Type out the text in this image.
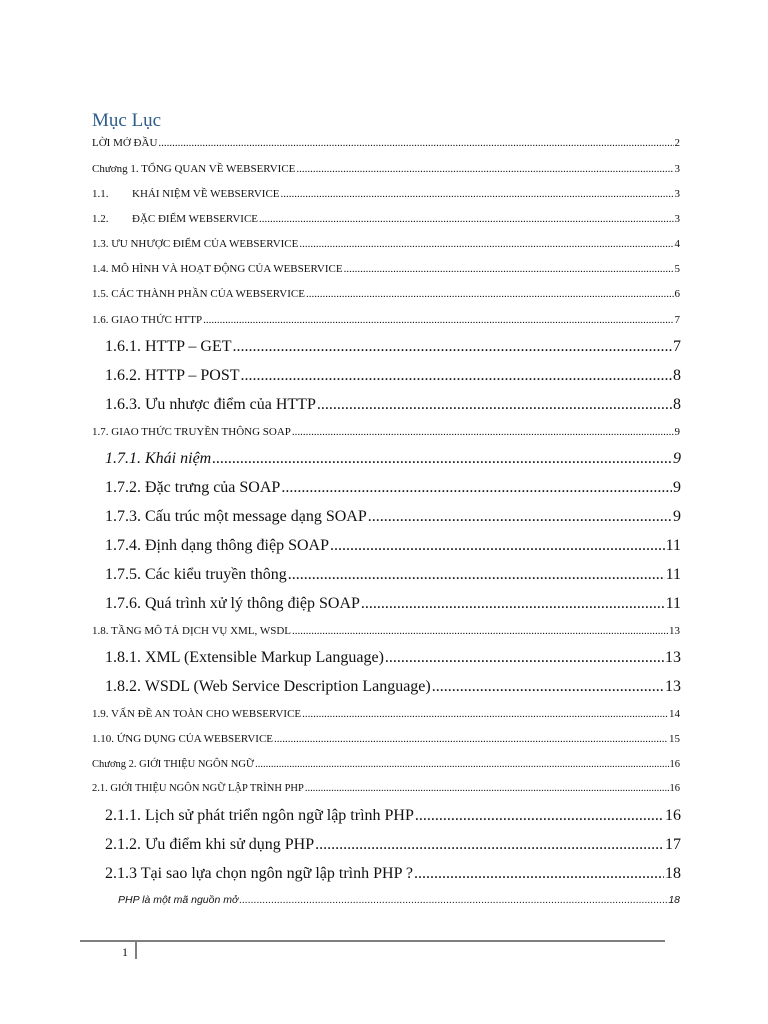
Mục Lục
LỜI MỞ ĐẦU .....	2
Chương 1. TỔNG QUAN VỀ WEBSERVICE .....	3
1.1. KHÁI NIỆM VỀ WEBSERVICE .....	3
1.2. ĐẶC ĐIỂM WEBSERVICE .....	3
1.3. ƯU NHƯỢC ĐIỂM CỦA WEBSERVICE .....	4
1.4. MÔ HÌNH VÀ HOẠT ĐỘNG CỦA WEBSERVICE .....	5
1.5. CÁC THÀNH PHẦN CỦA WEBSERVICE .....	6
1.6. GIAO THỨC HTTP .....	7
1.6.1. HTTP – GET .....	7
1.6.2. HTTP – POST .....	8
1.6.3. Ưu nhược điểm của HTTP .....	8
1.7. GIAO THỨC TRUYỀN THÔNG SOAP .....	9
1.7.1. Khái niệm .....	9
1.7.2. Đặc trưng của SOAP .....	9
1.7.3. Cấu trúc một message dạng SOAP .....	9
1.7.4. Định dạng thông điệp SOAP .....	11
1.7.5. Các kiểu truyền thông .....	11
1.7.6. Quá trình xử lý thông điệp SOAP .....	11
1.8. TẦNG MÔ TẢ DỊCH VỤ XML, WSDL .....	13
1.8.1. XML (Extensible Markup Language) .....	13
1.8.2. WSDL (Web Service Description Language) .....	13
1.9. VẤN ĐỀ AN TOÀN CHO WEBSERVICE .....	14
1.10. ỨNG DỤNG CỦA WEBSERVICE .....	15
Chương 2. GIỚI THIỆU NGÔN NGỮ .....	16
2.1. GIỚI THIỆU NGÔN NGỮ LẬP TRÌNH PHP .....	16
2.1.1. Lịch sử phát triển ngôn ngữ lập trình PHP .....	16
2.1.2. Ưu điểm khi sử dụng PHP .....	17
2.1.3 Tại sao lựa chọn ngôn ngữ lập trình PHP ? .....	18
PHP là một mã nguồn mở .....	18
1
